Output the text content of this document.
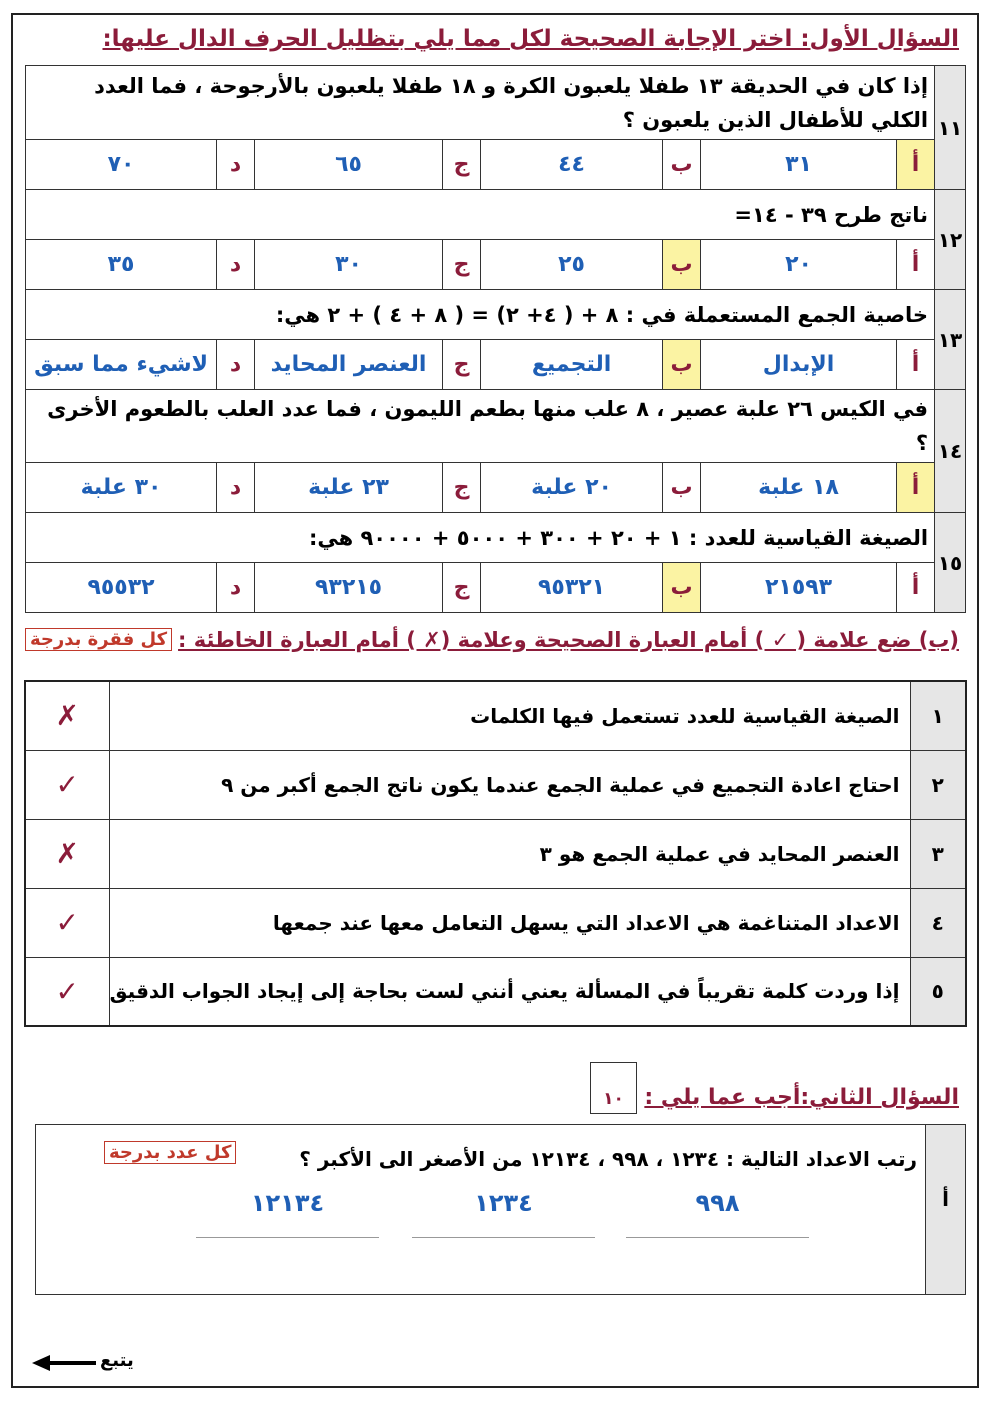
السؤال الأول: اختر الإجابة الصحيحة لكل مما يلي بتظليل الحرف الدال عليها:
١١	إذا كان في الحديقة ١٣ طفلا يلعبون الكرة و ١٨ طفلا يلعبون بالأرجوحة ، فما العدد الكلي للأطفال الذين يلعبون ؟							
	أ	٣١	ب	٤٤	ج	٦٥	د	٧٠
١٢	ناتج طرح ٣٩ - ١٤=							
	أ	٢٠	ب	٢٥	ج	٣٠	د	٣٥
١٣	خاصية الجمع المستعملة في : ٨ + ( ٤+ ٢) = ( ٨ + ٤ ) + ٢ هي:							
	أ	الإبدال	ب	التجميع	ج	العنصر المحايد	د	لاشيء مما سبق
١٤	في الكيس ٢٦ علبة عصير ، ٨ علب منها بطعم الليمون ، فما عدد العلب بالطعوم الأخرى ؟							
	أ	١٨ علبة	ب	٢٠ علبة	ج	٢٣ علبة	د	٣٠ علبة
١٥	الصيغة القياسية للعدد : ١ + ٢٠ + ٣٠٠ + ٥٠٠٠ + ٩٠٠٠٠ هي:							
	أ	٢١٥٩٣	ب	٩٥٣٢١	ج	٩٣٢١٥	د	٩٥٥٣٢
(ب) ضع علامة ( ✓ ) أمام العبارة الصحيحة وعلامة (✗ ) أمام العبارة الخاطئة :
كل فقرة بدرجة
١	الصيغة القياسية للعدد تستعمل فيها الكلمات	✗
٢	احتاج اعادة التجميع في عملية الجمع عندما يكون ناتج الجمع أكبر من ٩	✓
٣	العنصر المحايد في عملية الجمع هو ٣	✗
٤	الاعداد المتناغمة هي الاعداد التي يسهل التعامل معها عند جمعها	✓
٥	إذا وردت كلمة تقريباً في المسألة يعني أنني لست بحاجة إلى إيجاد الجواب الدقيق	✓
السؤال الثاني:أجب عما يلي :
١٠
أ
رتب الاعداد التالية : ١٢٣٤ ، ٩٩٨ ، ١٢١٣٤ من الأصغر الى الأكبر ؟
كل عدد بدرجة
٩٩٨
١٢٣٤
١٢١٣٤
يتبع
